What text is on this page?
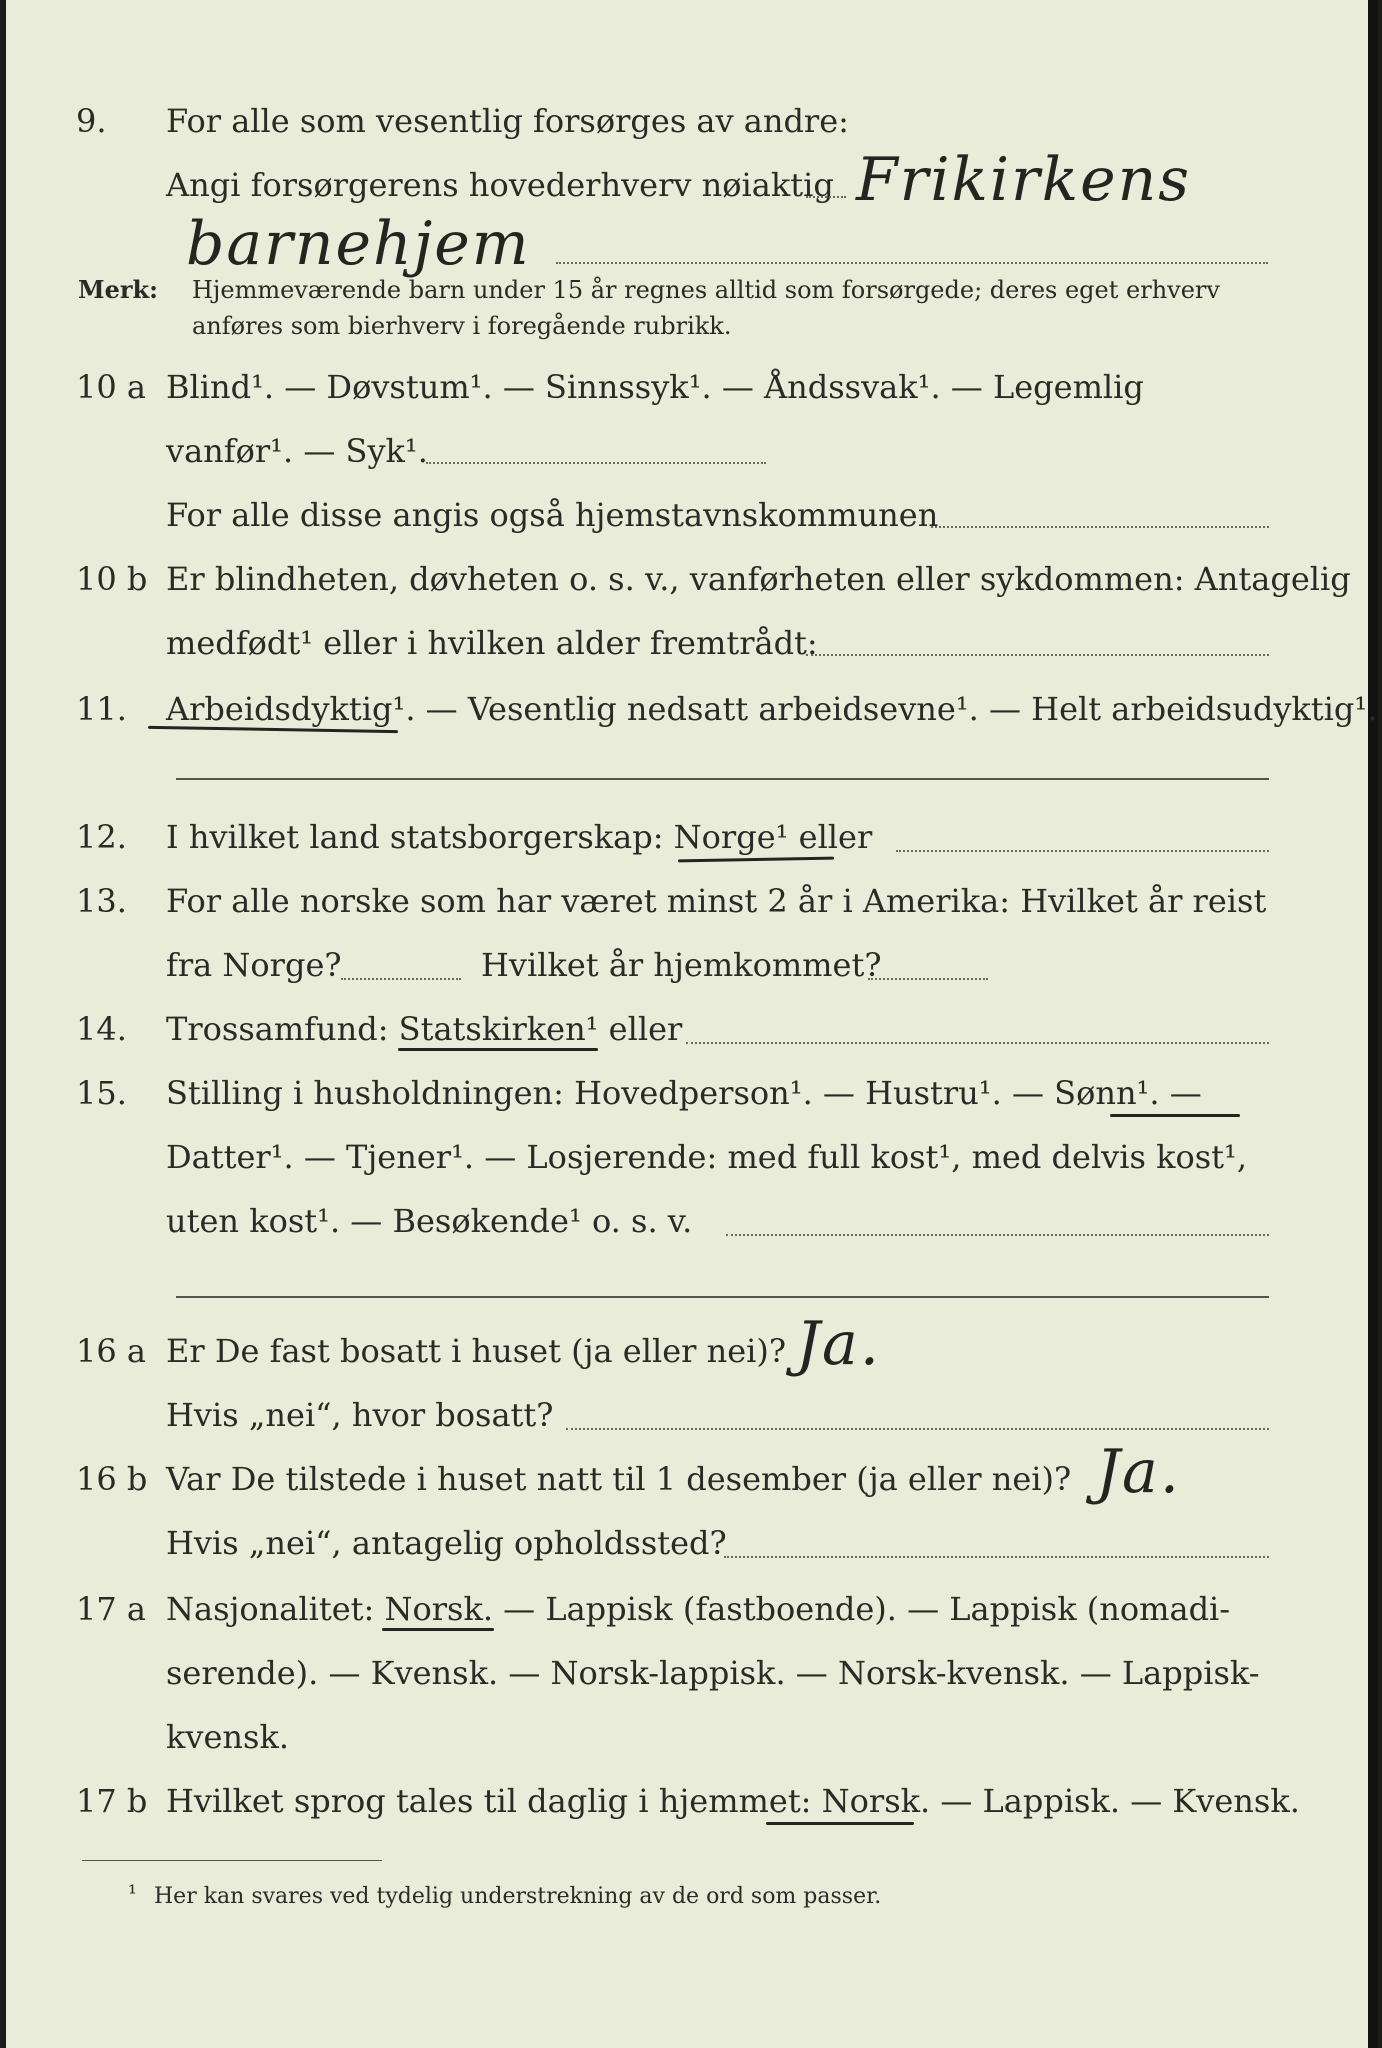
9. For alle som vesentlig forsørges av andre:
Angi forsørgerens hovederhverv nøiaktig Frikirkens
barnehjem
Merk: Hjemmeværende barn under 15 år regnes alltid som forsørgede; deres eget erhverv
anføres som bierhverv i foregående rubrikk.
10 a Blind¹. — Døvstum¹. — Sinnssyk¹. — Åndssvak¹. — Legemlig
vanfør¹. — Syk¹.
For alle disse angis også hjemstavnskommunen
10 b Er blindheten, døvheten o. s. v., vanførheten eller sykdommen: Antagelig
medfødt¹ eller i hvilken alder fremtrådt:
11. Arbeidsdyktig¹. — Vesentlig nedsatt arbeidsevne¹. — Helt arbeidsudyktig¹.
12. I hvilket land statsborgerskap: Norge¹ eller
13. For alle norske som har været minst 2 år i Amerika: Hvilket år reist
fra Norge?	Hvilket år hjemkommet?
14. Trossamfund: Statskirken¹ eller
15. Stilling i husholdningen: Hovedperson¹. — Hustru¹. — Sønn¹. —
Datter¹. — Tjener¹. — Losjerende: med full kost¹, med delvis kost¹,
uten kost¹. — Besøkende¹ o. s. v.
16 a Er De fast bosatt i huset (ja eller nei)? Ja.
Hvis „nei“, hvor bosatt?
16 b Var De tilstede i huset natt til 1 desember (ja eller nei)? Ja.
Hvis „nei“, antagelig opholdssted?
17 a Nasjonalitet: Norsk. — Lappisk (fastboende). — Lappisk (nomadi-
serende). — Kvensk. — Norsk-lappisk. — Norsk-kvensk. — Lappisk-
kvensk.
17 b Hvilket sprog tales til daglig i hjemmet: Norsk. — Lappisk. — Kvensk.
¹ Her kan svares ved tydelig understrekning av de ord som passer.
